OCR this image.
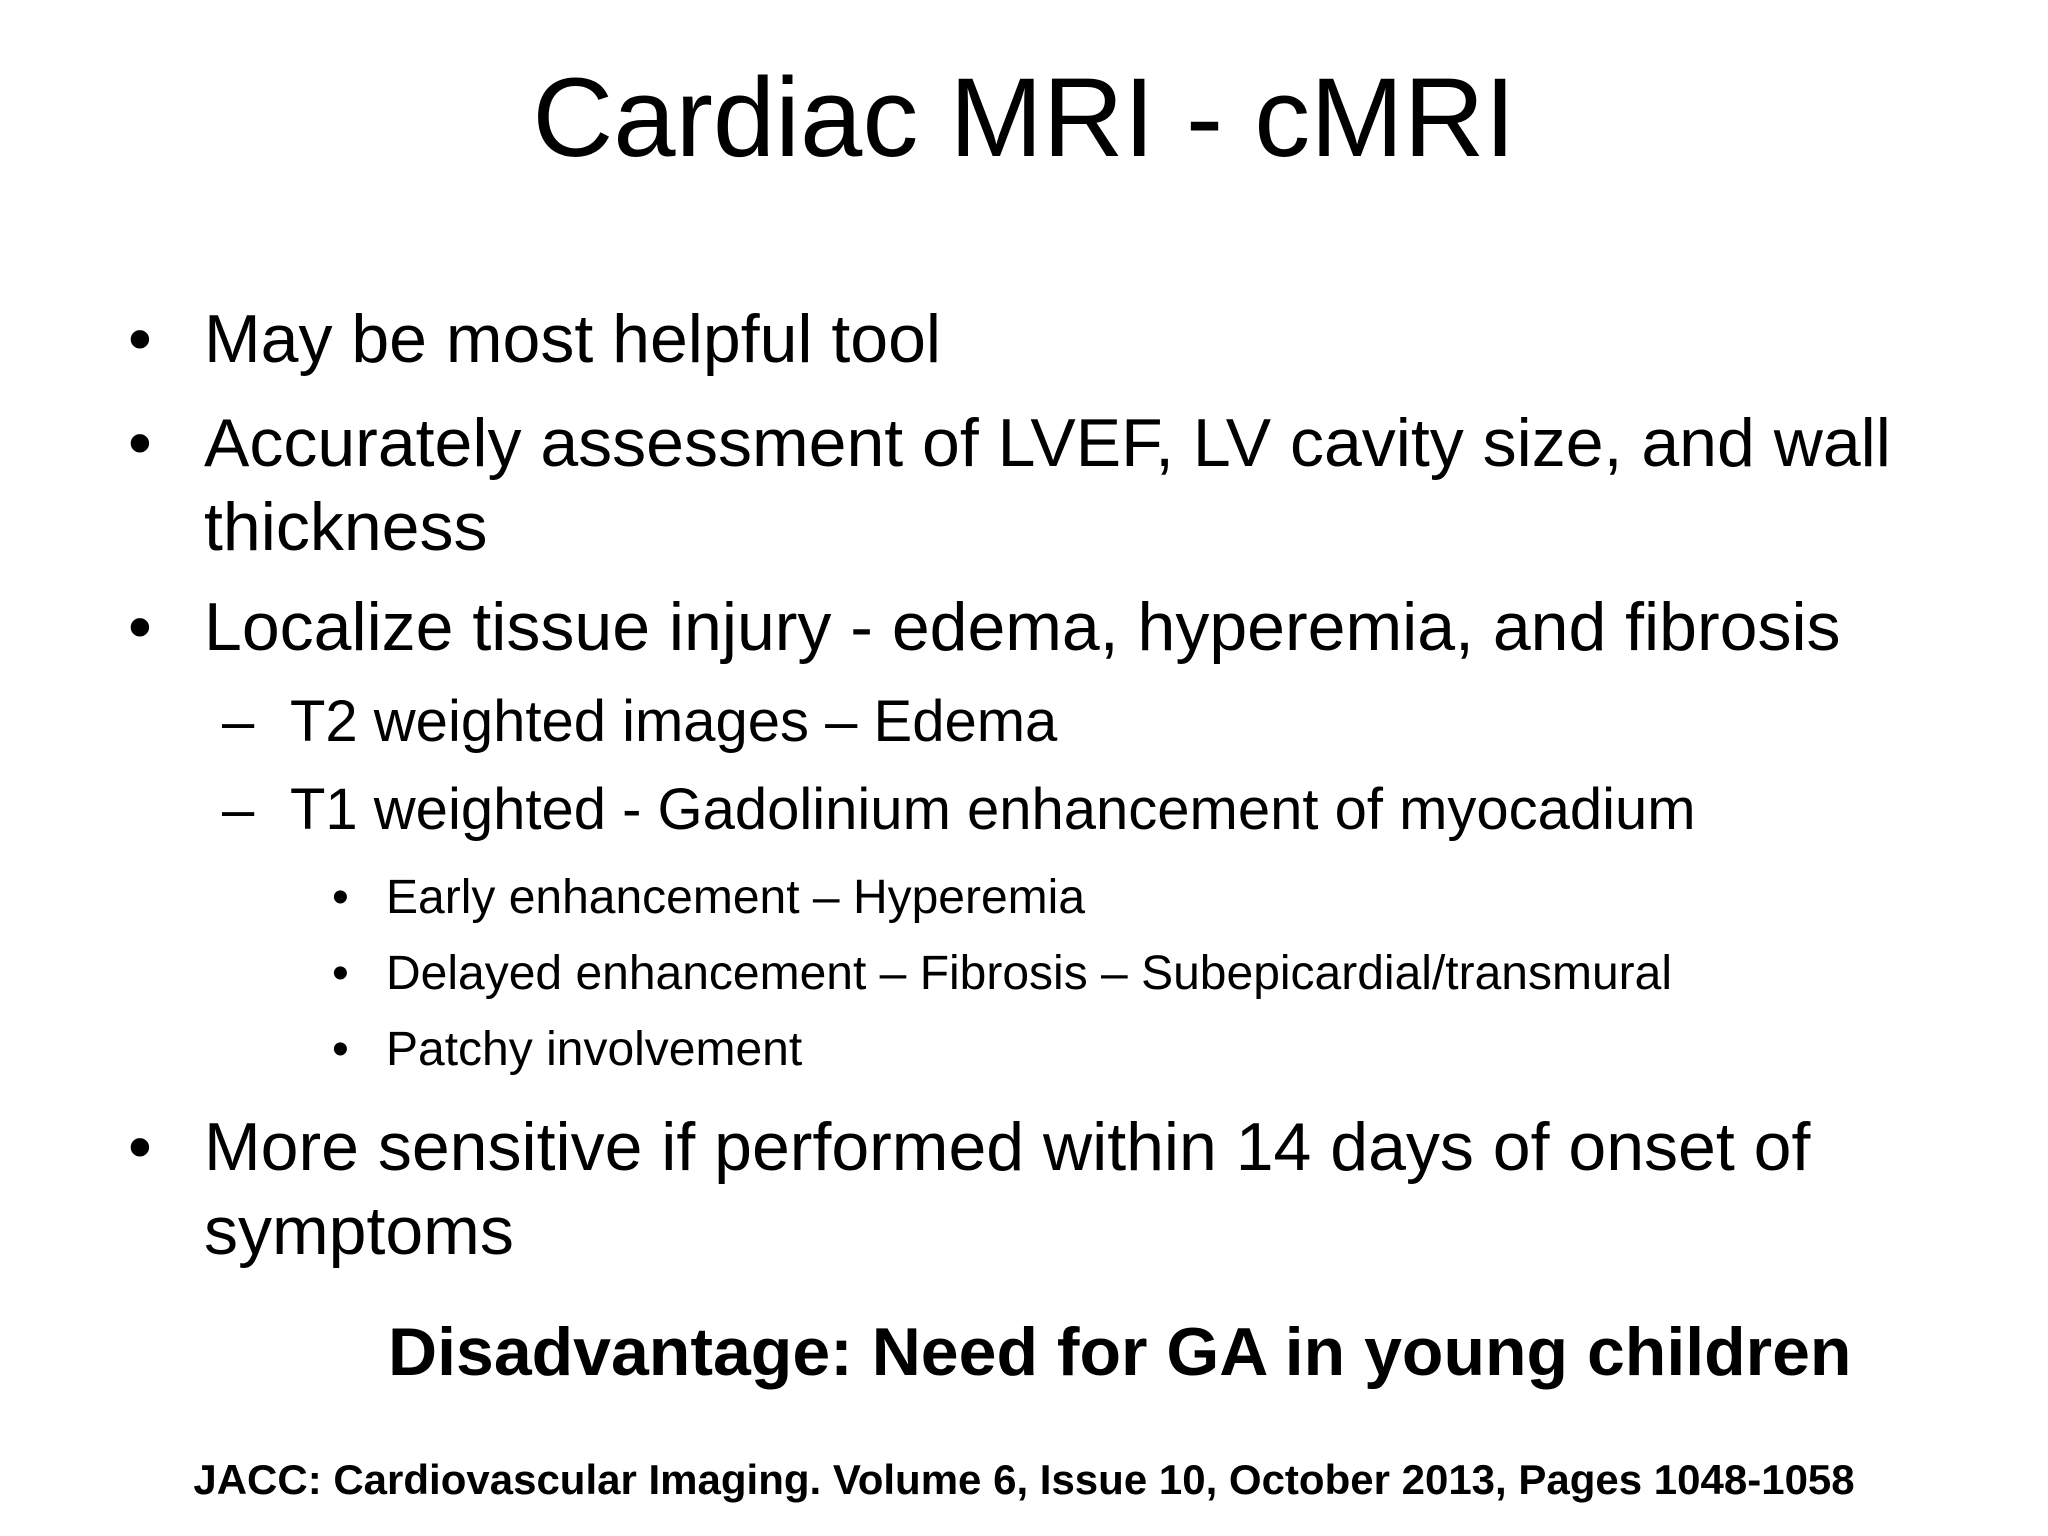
Cardiac MRI - cMRI
• May be most helpful tool
• Accurately assessment of LVEF, LV cavity size, and wall
thickness
• Localize tissue injury - edema, hyperemia, and fibrosis
– T2 weighted images – Edema
– T1 weighted - Gadolinium enhancement of myocadium
• Early enhancement – Hyperemia
• Delayed enhancement – Fibrosis – Subepicardial/transmural
• Patchy involvement
• More sensitive if performed within 14 days of onset of
symptoms
Disadvantage: Need for GA in young children
JACC: Cardiovascular Imaging. Volume 6, Issue 10, October 2013, Pages 1048-1058
